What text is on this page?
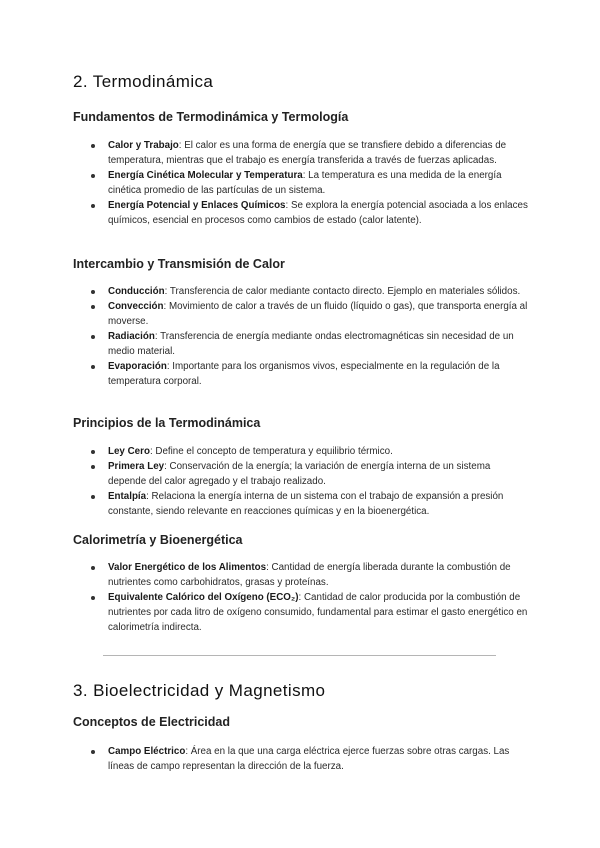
2. Termodinámica
Fundamentos de Termodinámica y Termología
Calor y Trabajo: El calor es una forma de energía que se transfiere debido a diferencias de temperatura, mientras que el trabajo es energía transferida a través de fuerzas aplicadas.
Energía Cinética Molecular y Temperatura: La temperatura es una medida de la energía cinética promedio de las partículas de un sistema.
Energía Potencial y Enlaces Químicos: Se explora la energía potencial asociada a los enlaces químicos, esencial en procesos como cambios de estado (calor latente).
Intercambio y Transmisión de Calor
Conducción: Transferencia de calor mediante contacto directo. Ejemplo en materiales sólidos.
Convección: Movimiento de calor a través de un fluido (líquido o gas), que transporta energía al moverse.
Radiación: Transferencia de energía mediante ondas electromagnéticas sin necesidad de un medio material.
Evaporación: Importante para los organismos vivos, especialmente en la regulación de la temperatura corporal.
Principios de la Termodinámica
Ley Cero: Define el concepto de temperatura y equilibrio térmico.
Primera Ley: Conservación de la energía; la variación de energía interna de un sistema depende del calor agregado y el trabajo realizado.
Entalpía: Relaciona la energía interna de un sistema con el trabajo de expansión a presión constante, siendo relevante en reacciones químicas y en la bioenergética.
Calorimetría y Bioenergética
Valor Energético de los Alimentos: Cantidad de energía liberada durante la combustión de nutrientes como carbohidratos, grasas y proteínas.
Equivalente Calórico del Oxígeno (ECO₂): Cantidad de calor producida por la combustión de nutrientes por cada litro de oxígeno consumido, fundamental para estimar el gasto energético en calorimetría indirecta.
3. Bioelectricidad y Magnetismo
Conceptos de Electricidad
Campo Eléctrico: Área en la que una carga eléctrica ejerce fuerzas sobre otras cargas. Las líneas de campo representan la dirección de la fuerza.
